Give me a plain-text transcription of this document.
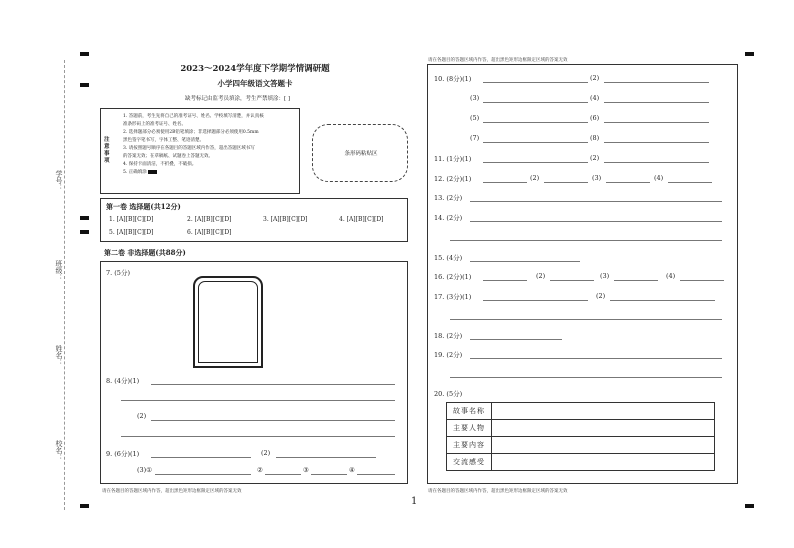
学号：
班级：
姓名：
校名：
2023～2024学年度下学期学情调研题
小学四年级语文答题卡
缺考标记由监考员填涂，考生严禁填涂：[ ]
注意事项
1. 答题前，考生先将自己的准考证号、姓名、学校填写清楚，并认真核
准条形码上的准考证号、姓名。
2. 选择题部分必须使用2B铅笔填涂；非选择题部分必须使用0.5mm
黑色签字笔书写，字体工整、笔迹清楚。
3. 请按照题号顺序在各题目的答题区域内作答，超出答题区域书写
的答案无效；在草稿纸、试题卷上答题无效。
4. 保持卡面清洁，不折叠，不破损。
5. 正确填涂
条形码粘贴区
第一卷 选择题(共12分)
1. [A][B][C][D]	2. [A][B][C][D]	3. [A][B][C][D]	4. [A][B][C][D]
5. [A][B][C][D]	6. [A][B][C][D]
第二卷 非选择题(共88分)
7. (5分)
8. (4分)(1)
(2)
9. (6分)(1)	(2)
(3)①	②	③	④
请在各题目的答题区域内作答，超出黑色矩形边框限定区域的答案无效
1
请在各题目的答题区域内作答，超出黑色矩形边框限定区域的答案无效
10. (8分)(1)	(2)
(3)	(4)
(5)	(6)
(7)	(8)
11. (1分)(1)	(2)
12. (2分)(1)	(2)	(3)	(4)
13. (2分)
14. (2分)
15. (4分)
16. (2分)(1)	(2)	(3)	(4)
17. (3分)(1)	(2)
18. (2分)
19. (2分)
20. (5分)
故事名称	
主要人物	
主要内容	
交流感受	
请在各题目的答题区域内作答，超出黑色矩形边框限定区域的答案无效
